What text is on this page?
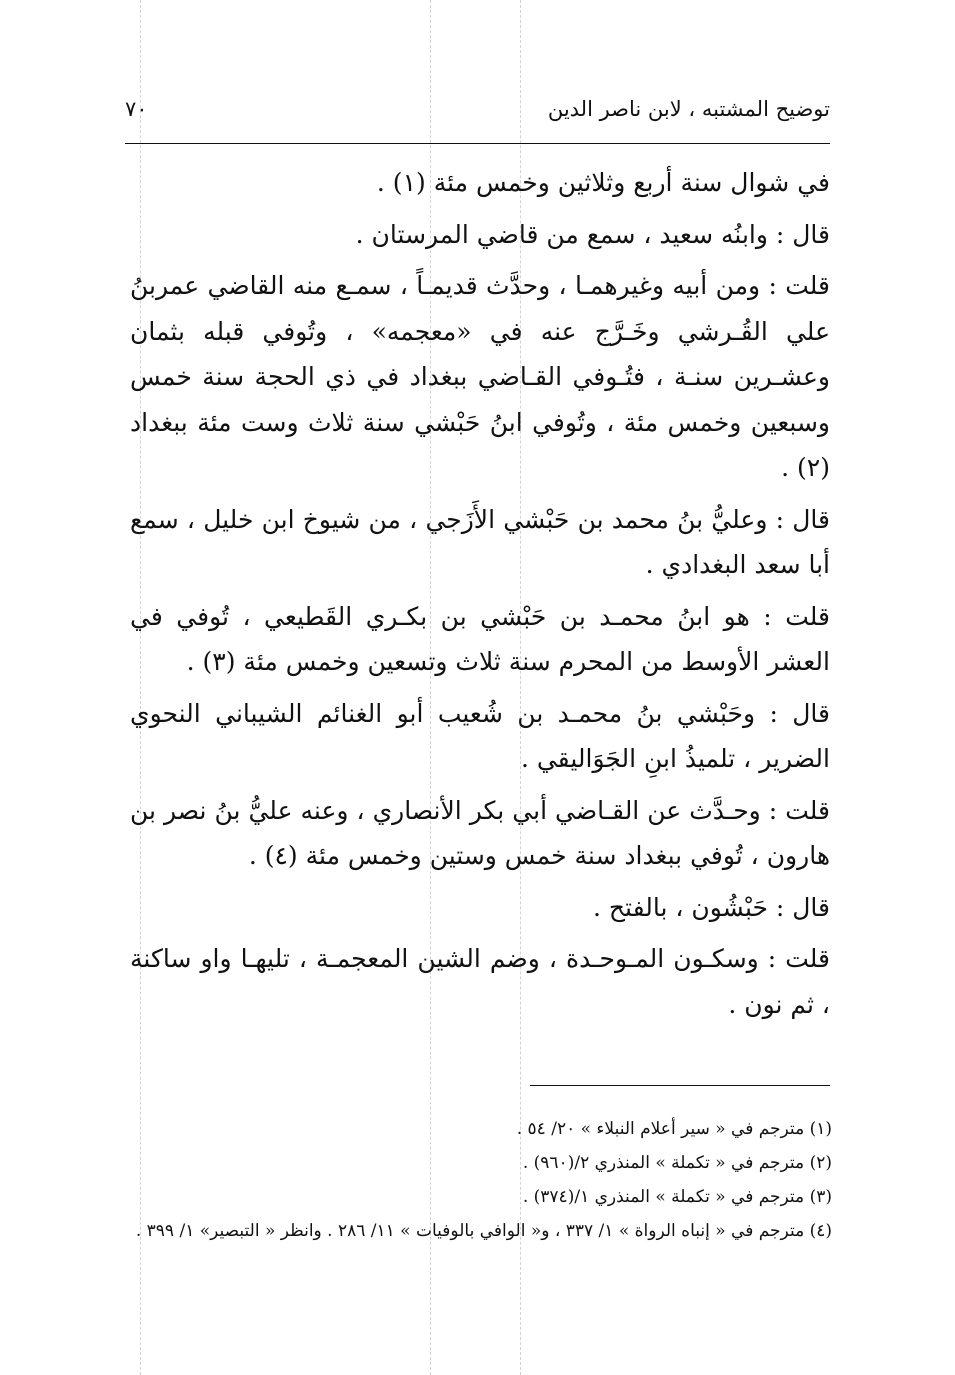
توضيح المشتبه ، لابن ناصر الدين
٧٠

في شوال سنة أربع وثلاثين وخمس مئة (١) .

قال : وابنُه سعيد ، سمع من قاضي المرستان .

قلت : ومن أبيه وغيرهمـا ، وحدَّث قديمـاً ، سمـع منه القاضي عمربنُ علي القُـرشي وخَـرَّج عنه في «معجمه» ، وتُوفي قبله بثمان وعشـرين سنـة ، فتُـوفي القـاضي ببغداد في ذي الحجة سنة خمس وسبعين وخمس مئة ، وتُوفي ابنُ حَبْشي سنة ثلاث وست مئة ببغداد (٢) .

قال : وعليُّ بنُ محمد بن حَبْشي الأَزَجي ، من شيوخ ابن خليل ، سمع أبا سعد البغدادي .

قلت : هو ابنُ محمـد بن حَبْشي بن بكـري القَطيعي ، تُوفي في العشر الأوسط من المحرم سنة ثلاث وتسعين وخمس مئة (٣) .

قال : وحَبْشي بنُ محمـد بن شُعيب أبو الغنائم الشيباني النحوي الضرير ، تلميذُ ابنِ الجَوَاليقي .

قلت : وحـدَّث عن القـاضي أبي بكر الأنصاري ، وعنه عليُّ بنُ نصر بن هارون ، تُوفي ببغداد سنة خمس وستين وخمس مئة (٤) .

قال : حَبْشُون ، بالفتح .

قلت : وسكـون المـوحـدة ، وضم الشين المعجمـة ، تليهـا واو ساكنة ، ثم نون .

(١) مترجم في « سير أعلام النبلاء » ٢٠/ ٥٤ .

(٢) مترجم في « تكملة » المنذري ٢/(٩٦٠) .

(٣) مترجم في « تكملة » المنذري ١/(٣٧٤) .

(٤) مترجم في « إنباه الرواة » ١/ ٣٣٧ ، و« الوافي بالوفيات » ١١/ ٢٨٦ . وانظر « التبصير» ١/ ٣٩٩ .
